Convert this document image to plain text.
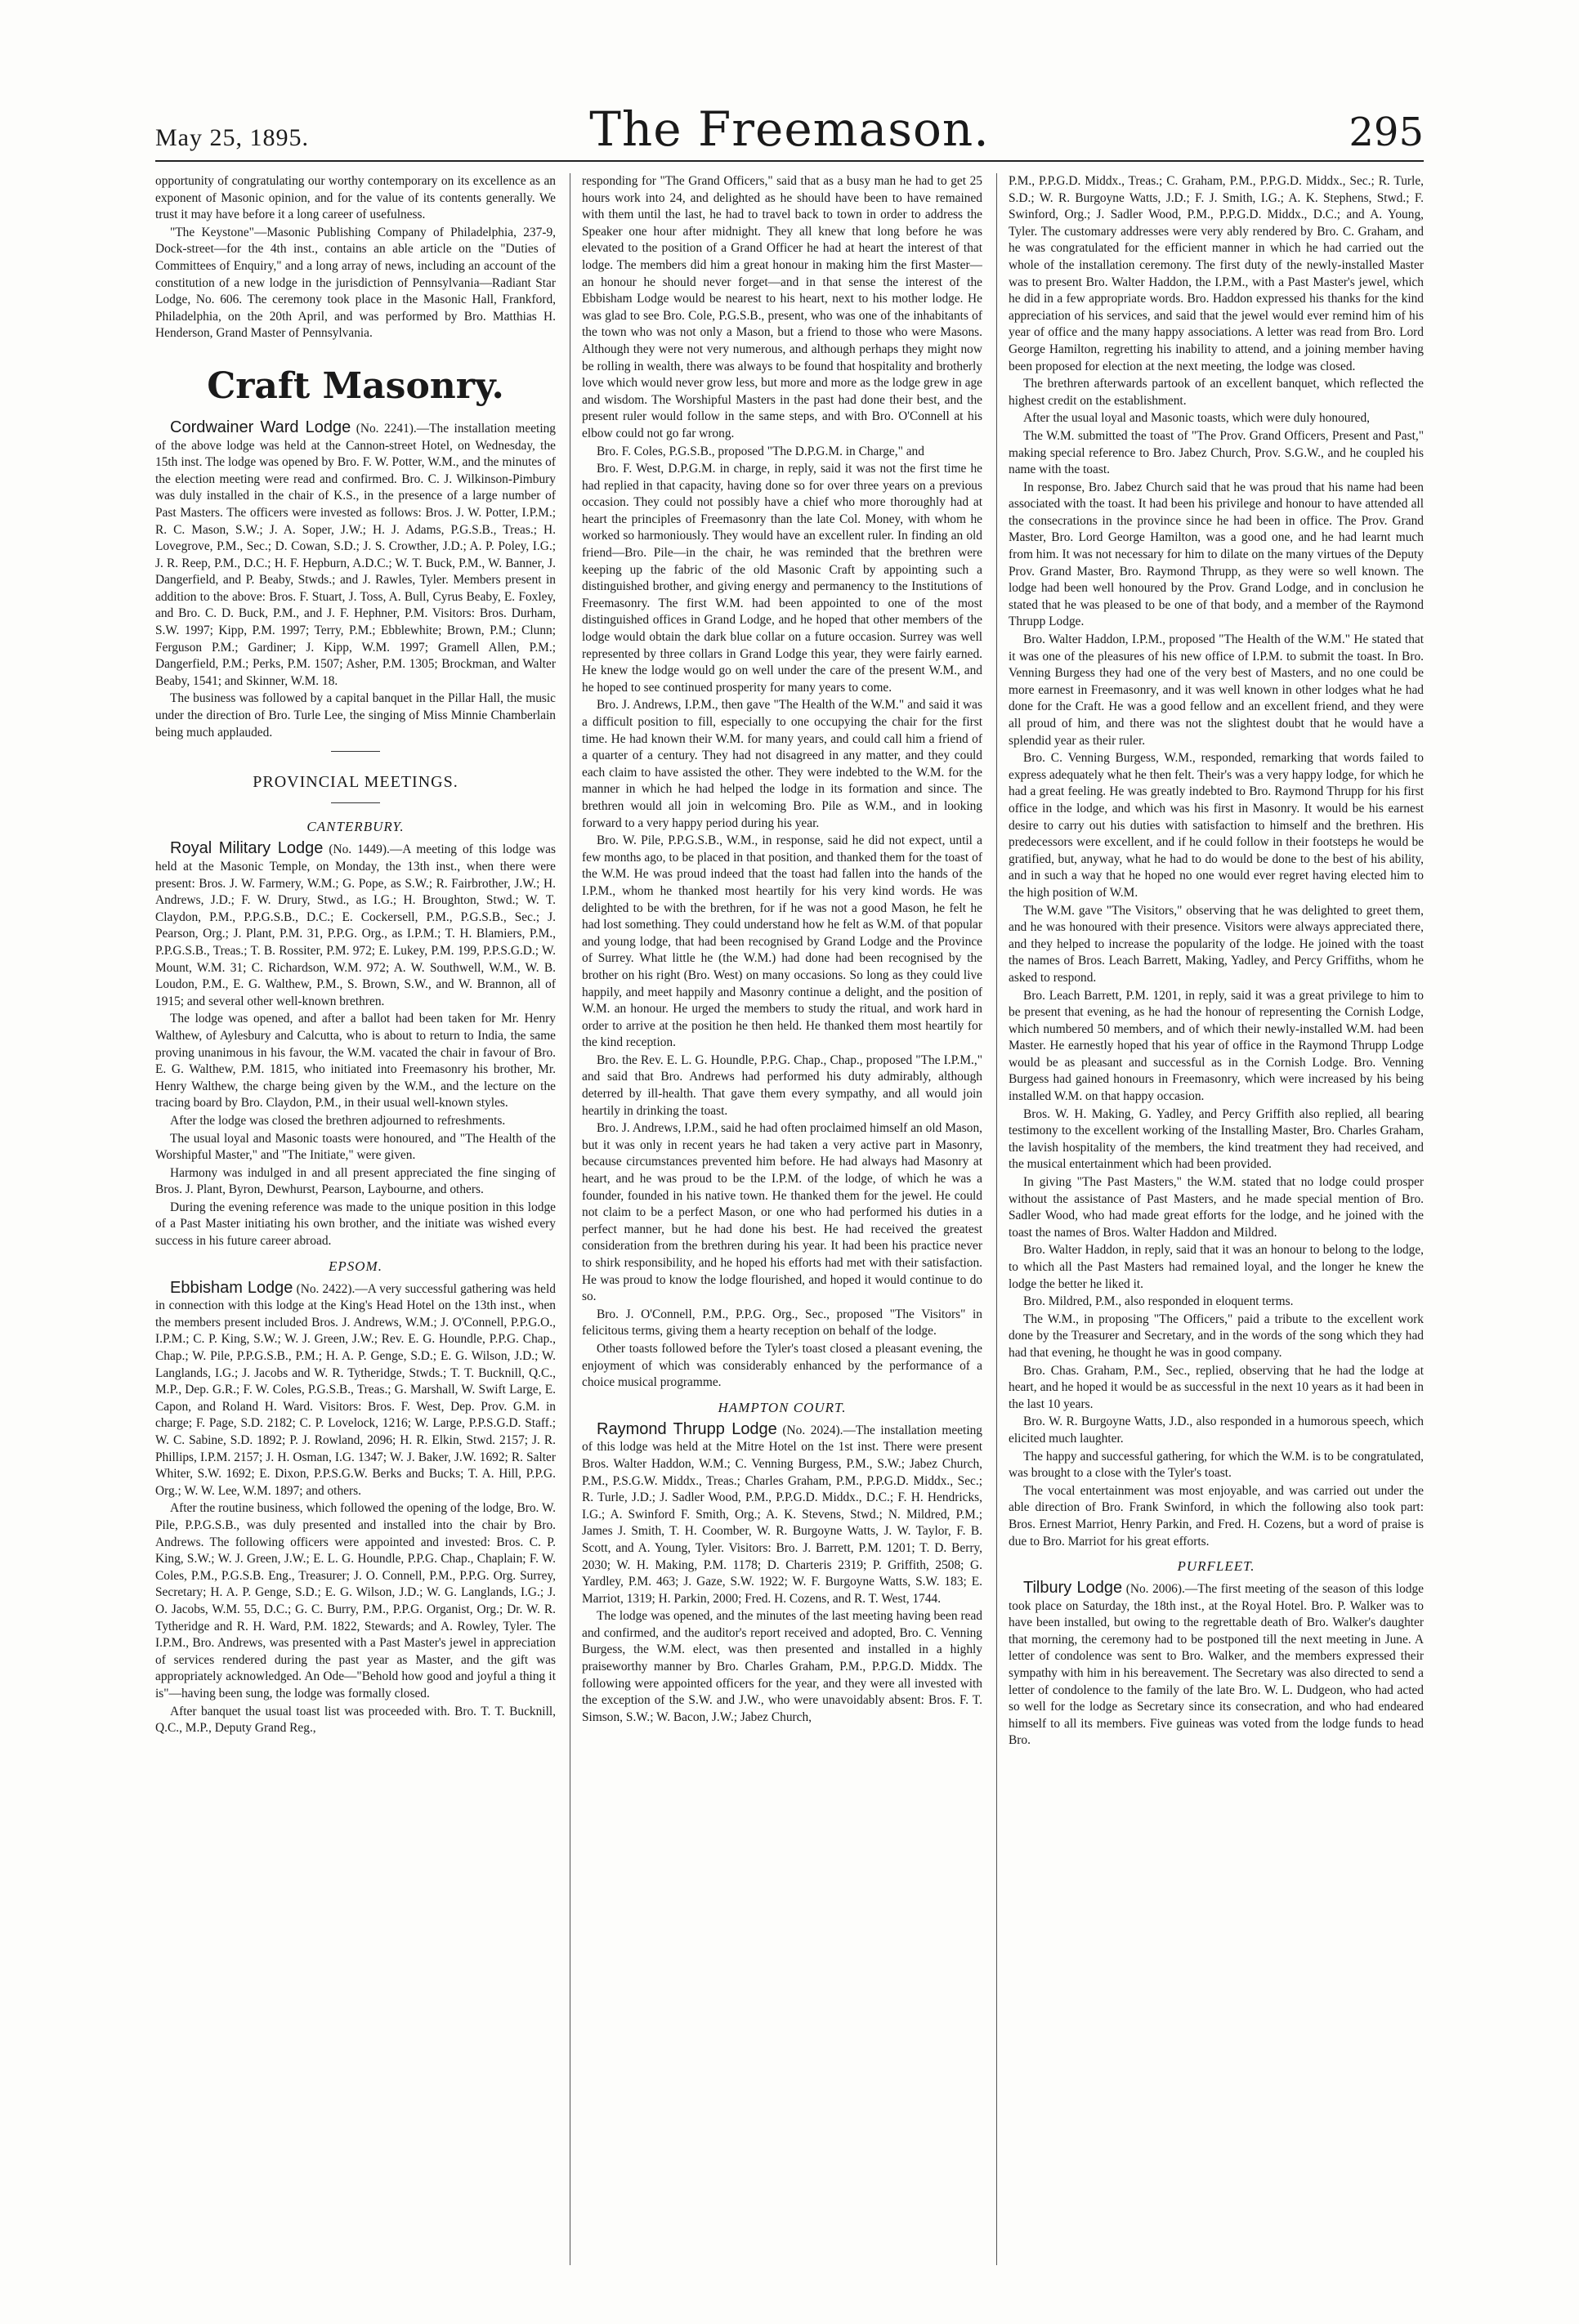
May 25, 1895.	The Freemason.	295

opportunity of congratulating our worthy contemporary on its excellence as an exponent of Masonic opinion, and for the value of its contents generally. We trust it may have before it a long career of usefulness.

"The Keystone"—Masonic Publishing Company of Philadelphia, 237-9, Dock-street—for the 4th inst., contains an able article on the "Duties of Committees of Enquiry," and a long array of news, including an account of the constitution of a new lodge in the jurisdiction of Pennsylvania—Radiant Star Lodge, No. 606. The ceremony took place in the Masonic Hall, Frankford, Philadelphia, on the 20th April, and was performed by Bro. Matthias H. Henderson, Grand Master of Pennsylvania.

Craft Masonry.

Cordwainer Ward Lodge (No. 2241).—The installation meeting of the above lodge was held at the Cannon-street Hotel, on Wednesday, the 15th inst. The lodge was opened by Bro. F. W. Potter, W.M., and the minutes of the election meeting were read and confirmed. Bro. C. J. Wilkinson-Pimbury was duly installed in the chair of K.S., in the presence of a large number of Past Masters. The officers were invested as follows: Bros. J. W. Potter, I.P.M.; R. C. Mason, S.W.; J. A. Soper, J.W.; H. J. Adams, P.G.S.B., Treas.; H. Lovegrove, P.M., Sec.; D. Cowan, S.D.; J. S. Crowther, J.D.; A. P. Poley, I.G.; J. R. Reep, P.M., D.C.; H. F. Hepburn, A.D.C.; W. T. Buck, P.M., W. Banner, J. Dangerfield, and P. Beaby, Stwds.; and J. Rawles, Tyler. Members present in addition to the above: Bros. F. Stuart, J. Toss, A. Bull, Cyrus Beaby, E. Foxley, and Bro. C. D. Buck, P.M., and J. F. Hephner, P.M. Visitors: Bros. Durham, S.W. 1997; Kipp, P.M. 1997; Terry, P.M.; Ebblewhite; Brown, P.M.; Clunn; Ferguson P.M.; Gardiner; J. Kipp, W.M. 1997; Gramell Allen, P.M.; Dangerfield, P.M.; Perks, P.M. 1507; Asher, P.M. 1305; Brockman, and Walter Beaby, 1541; and Skinner, W.M. 18.

The business was followed by a capital banquet in the Pillar Hall, the music under the direction of Bro. Turle Lee, the singing of Miss Minnie Chamberlain being much applauded.

PROVINCIAL MEETINGS.
CANTERBURY.

Royal Military Lodge (No. 1449).—A meeting of this lodge was held at the Masonic Temple, on Monday, the 13th inst., when there were present: Bros. J. W. Farmery, W.M.; G. Pope, as S.W.; R. Fairbrother, J.W.; H. Andrews, J.D.; F. W. Drury, Stwd., as I.G.; H. Broughton, Stwd.; W. T. Claydon, P.M., P.P.G.S.B., D.C.; E. Cockersell, P.M., P.G.S.B., Sec.; J. Pearson, Org.; J. Plant, P.M. 31, P.P.G. Org., as I.P.M.; T. H. Blamiers, P.M., P.P.G.S.B., Treas.; T. B. Rossiter, P.M. 972; E. Lukey, P.M. 199, P.P.S.G.D.; W. Mount, W.M. 31; C. Richardson, W.M. 972; A. W. Southwell, W.M., W. B. Loudon, P.M., E. G. Walthew, P.M., S. Brown, S.W., and W. Brannon, all of 1915; and several other well-known brethren.

The lodge was opened, and after a ballot had been taken for Mr. Henry Walthew, of Aylesbury and Calcutta, who is about to return to India, the same proving unanimous in his favour, the W.M. vacated the chair in favour of Bro. E. G. Walthew, P.M. 1815, who initiated into Freemasonry his brother, Mr. Henry Walthew, the charge being given by the W.M., and the lecture on the tracing board by Bro. Claydon, P.M., in their usual well-known styles.

After the lodge was closed the brethren adjourned to refreshments.

The usual loyal and Masonic toasts were honoured, and "The Health of the Worshipful Master," and "The Initiate," were given.

Harmony was indulged in and all present appreciated the fine singing of Bros. J. Plant, Byron, Dewhurst, Pearson, Laybourne, and others.

During the evening reference was made to the unique position in this lodge of a Past Master initiating his own brother, and the initiate was wished every success in his future career abroad.

EPSOM.

Ebbisham Lodge (No. 2422).—A very successful gathering was held in connection with this lodge at the King's Head Hotel on the 13th inst., when the members present included Bros. J. Andrews, W.M.; J. O'Connell, P.P.G.O., I.P.M.; C. P. King, S.W.; W. J. Green, J.W.; Rev. E. G. Houndle, P.P.G. Chap., Chap.; W. Pile, P.P.G.S.B., P.M.; H. A. P. Genge, S.D.; E. G. Wilson, J.D.; W. Langlands, I.G.; J. Jacobs and W. R. Tytheridge, Stwds.; T. T. Bucknill, Q.C., M.P., Dep. G.R.; F. W. Coles, P.G.S.B., Treas.; G. Marshall, W. Swift Large, E. Capon, and Roland H. Ward. Visitors: Bros. F. West, Dep. Prov. G.M. in charge; F. Page, S.D. 2182; C. P. Lovelock, 1216; W. Large, P.P.S.G.D. Staff.; W. C. Sabine, S.D. 1892; P. J. Rowland, 2096; H. R. Elkin, Stwd. 2157; J. R. Phillips, I.P.M. 2157; J. H. Osman, I.G. 1347; W. J. Baker, J.W. 1692; R. Salter Whiter, S.W. 1692; E. Dixon, P.P.S.G.W. Berks and Bucks; T. A. Hill, P.P.G. Org.; W. W. Lee, W.M. 1897; and others.

After the routine business, which followed the opening of the lodge, Bro. W. Pile, P.P.G.S.B., was duly presented and installed into the chair by Bro. Andrews. The following officers were appointed and invested: Bros. C. P. King, S.W.; W. J. Green, J.W.; E. L. G. Houndle, P.P.G. Chap., Chaplain; F. W. Coles, P.M., P.G.S.B. Eng., Treasurer; J. O. Connell, P.M., P.P.G. Org. Surrey, Secretary; H. A. P. Genge, S.D.; E. G. Wilson, J.D.; W. G. Langlands, I.G.; J. O. Jacobs, W.M. 55, D.C.; G. C. Burry, P.M., P.P.G. Organist, Org.; Dr. W. R. Tytheridge and R. H. Ward, P.M. 1822, Stewards; and A. Rowley, Tyler. The I.P.M., Bro. Andrews, was presented with a Past Master's jewel in appreciation of services rendered during the past year as Master, and the gift was appropriately acknowledged. An Ode—"Behold how good and joyful a thing it is"—having been sung, the lodge was formally closed.

After banquet the usual toast list was proceeded with. Bro. T. T. Bucknill, Q.C., M.P., Deputy Grand Reg.,

responding for "The Grand Officers," said that as a busy man he had to get 25 hours work into 24, and delighted as he should have been to have remained with them until the last, he had to travel back to town in order to address the Speaker one hour after midnight. They all knew that long before he was elevated to the position of a Grand Officer he had at heart the interest of that lodge. The members did him a great honour in making him the first Master—an honour he should never forget—and in that sense the interest of the Ebbisham Lodge would be nearest to his heart, next to his mother lodge. He was glad to see Bro. Cole, P.G.S.B., present, who was one of the inhabitants of the town who was not only a Mason, but a friend to those who were Masons. Although they were not very numerous, and although perhaps they might now be rolling in wealth, there was always to be found that hospitality and brotherly love which would never grow less, but more and more as the lodge grew in age and wisdom. The Worshipful Masters in the past had done their best, and the present ruler would follow in the same steps, and with Bro. O'Connell at his elbow could not go far wrong.

Bro. F. Coles, P.G.S.B., proposed "The D.P.G.M. in Charge," and

Bro. F. West, D.P.G.M. in charge, in reply, said it was not the first time he had replied in that capacity, having done so for over three years on a previous occasion. They could not possibly have a chief who more thoroughly had at heart the principles of Freemasonry than the late Col. Money, with whom he worked so harmoniously. They would have an excellent ruler. In finding an old friend—Bro. Pile—in the chair, he was reminded that the brethren were keeping up the fabric of the old Masonic Craft by appointing such a distinguished brother, and giving energy and permanency to the Institutions of Freemasonry. The first W.M. had been appointed to one of the most distinguished offices in Grand Lodge, and he hoped that other members of the lodge would obtain the dark blue collar on a future occasion. Surrey was well represented by three collars in Grand Lodge this year, they were fairly earned. He knew the lodge would go on well under the care of the present W.M., and he hoped to see continued prosperity for many years to come.

Bro. J. Andrews, I.P.M., then gave "The Health of the W.M." and said it was a difficult position to fill, especially to one occupying the chair for the first time. He had known their W.M. for many years, and could call him a friend of a quarter of a century. They had not disagreed in any matter, and they could each claim to have assisted the other. They were indebted to the W.M. for the manner in which he had helped the lodge in its formation and since. The brethren would all join in welcoming Bro. Pile as W.M., and in looking forward to a very happy period during his year.

Bro. W. Pile, P.P.G.S.B., W.M., in response, said he did not expect, until a few months ago, to be placed in that position, and thanked them for the toast of the W.M. He was proud indeed that the toast had fallen into the hands of the I.P.M., whom he thanked most heartily for his very kind words. He was delighted to be with the brethren, for if he was not a good Mason, he felt he had lost something. They could understand how he felt as W.M. of that popular and young lodge, that had been recognised by Grand Lodge and the Province of Surrey. What little he (the W.M.) had done had been recognised by the brother on his right (Bro. West) on many occasions. So long as they could live happily, and meet happily and Masonry continue a delight, and the position of W.M. an honour. He urged the members to study the ritual, and work hard in order to arrive at the position he then held. He thanked them most heartily for the kind reception.

Bro. the Rev. E. L. G. Houndle, P.P.G. Chap., Chap., proposed "The I.P.M.," and said that Bro. Andrews had performed his duty admirably, although deterred by ill-health. That gave them every sympathy, and all would join heartily in drinking the toast.

Bro. J. Andrews, I.P.M., said he had often proclaimed himself an old Mason, but it was only in recent years he had taken a very active part in Masonry, because circumstances prevented him before. He had always had Masonry at heart, and he was proud to be the I.P.M. of the lodge, of which he was a founder, founded in his native town. He thanked them for the jewel. He could not claim to be a perfect Mason, or one who had performed his duties in a perfect manner, but he had done his best. He had received the greatest consideration from the brethren during his year. It had been his practice never to shirk responsibility, and he hoped his efforts had met with their satisfaction. He was proud to know the lodge flourished, and hoped it would continue to do so.

Bro. J. O'Connell, P.M., P.P.G. Org., Sec., proposed "The Visitors" in felicitous terms, giving them a hearty reception on behalf of the lodge.

Other toasts followed before the Tyler's toast closed a pleasant evening, the enjoyment of which was considerably enhanced by the performance of a choice musical programme.

HAMPTON COURT.

Raymond Thrupp Lodge (No. 2024).—The installation meeting of this lodge was held at the Mitre Hotel on the 1st inst. There were present Bros. Walter Haddon, W.M.; C. Venning Burgess, P.M., S.W.; Jabez Church, P.M., P.S.G.W. Middx., Treas.; Charles Graham, P.M., P.P.G.D. Middx., Sec.; R. Turle, J.D.; J. Sadler Wood, P.M., P.P.G.D. Middx., D.C.; F. H. Hendricks, I.G.; A. Swinford F. Smith, Org.; A. K. Stevens, Stwd.; N. Mildred, P.M.; James J. Smith, T. H. Coomber, W. R. Burgoyne Watts, J. W. Taylor, F. B. Scott, and A. Young, Tyler. Visitors: Bro. J. Barrett, P.M. 1201; T. D. Berry, 2030; W. H. Making, P.M. 1178; D. Charteris 2319; P. Griffith, 2508; G. Yardley, P.M. 463; J. Gaze, S.W. 1922; W. F. Burgoyne Watts, S.W. 183; E. Marriot, 1319; H. Parkin, 2000; Fred. H. Cozens, and R. T. West, 1744.

The lodge was opened, and the minutes of the last meeting having been read and confirmed, and the auditor's report received and adopted, Bro. C. Venning Burgess, the W.M. elect, was then presented and installed in a highly praiseworthy manner by Bro. Charles Graham, P.M., P.P.G.D. Middx. The following were appointed officers for the year, and they were all invested with the exception of the S.W. and J.W., who were unavoidably absent: Bros. F. T. Simson, S.W.; W. Bacon, J.W.; Jabez Church,

P.M., P.P.G.D. Middx., Treas.; C. Graham, P.M., P.P.G.D. Middx., Sec.; R. Turle, S.D.; W. R. Burgoyne Watts, J.D.; F. J. Smith, I.G.; A. K. Stephens, Stwd.; F. Swinford, Org.; J. Sadler Wood, P.M., P.P.G.D. Middx., D.C.; and A. Young, Tyler. The customary addresses were very ably rendered by Bro. C. Graham, and he was congratulated for the efficient manner in which he had carried out the whole of the installation ceremony. The first duty of the newly-installed Master was to present Bro. Walter Haddon, the I.P.M., with a Past Master's jewel, which he did in a few appropriate words. Bro. Haddon expressed his thanks for the kind appreciation of his services, and said that the jewel would ever remind him of his year of office and the many happy associations. A letter was read from Bro. Lord George Hamilton, regretting his inability to attend, and a joining member having been proposed for election at the next meeting, the lodge was closed.

The brethren afterwards partook of an excellent banquet, which reflected the highest credit on the establishment.

After the usual loyal and Masonic toasts, which were duly honoured,

The W.M. submitted the toast of "The Prov. Grand Officers, Present and Past," making special reference to Bro. Jabez Church, Prov. S.G.W., and he coupled his name with the toast.

In response, Bro. Jabez Church said that he was proud that his name had been associated with the toast. It had been his privilege and honour to have attended all the consecrations in the province since he had been in office. The Prov. Grand Master, Bro. Lord George Hamilton, was a good one, and he had learnt much from him. It was not necessary for him to dilate on the many virtues of the Deputy Prov. Grand Master, Bro. Raymond Thrupp, as they were so well known. The lodge had been well honoured by the Prov. Grand Lodge, and in conclusion he stated that he was pleased to be one of that body, and a member of the Raymond Thrupp Lodge.

Bro. Walter Haddon, I.P.M., proposed "The Health of the W.M." He stated that it was one of the pleasures of his new office of I.P.M. to submit the toast. In Bro. Venning Burgess they had one of the very best of Masters, and no one could be more earnest in Freemasonry, and it was well known in other lodges what he had done for the Craft. He was a good fellow and an excellent friend, and they were all proud of him, and there was not the slightest doubt that he would have a splendid year as their ruler.

Bro. C. Venning Burgess, W.M., responded, remarking that words failed to express adequately what he then felt. Their's was a very happy lodge, for which he had a great feeling. He was greatly indebted to Bro. Raymond Thrupp for his first office in the lodge, and which was his first in Masonry. It would be his earnest desire to carry out his duties with satisfaction to himself and the brethren. His predecessors were excellent, and if he could follow in their footsteps he would be gratified, but, anyway, what he had to do would be done to the best of his ability, and in such a way that he hoped no one would ever regret having elected him to the high position of W.M.

The W.M. gave "The Visitors," observing that he was delighted to greet them, and he was honoured with their presence. Visitors were always appreciated there, and they helped to increase the popularity of the lodge. He joined with the toast the names of Bros. Leach Barrett, Making, Yadley, and Percy Griffiths, whom he asked to respond.

Bro. Leach Barrett, P.M. 1201, in reply, said it was a great privilege to him to be present that evening, as he had the honour of representing the Cornish Lodge, which numbered 50 members, and of which their newly-installed W.M. had been Master. He earnestly hoped that his year of office in the Raymond Thrupp Lodge would be as pleasant and successful as in the Cornish Lodge. Bro. Venning Burgess had gained honours in Freemasonry, which were increased by his being installed W.M. on that happy occasion.

Bros. W. H. Making, G. Yadley, and Percy Griffith also replied, all bearing testimony to the excellent working of the Installing Master, Bro. Charles Graham, the lavish hospitality of the members, the kind treatment they had received, and the musical entertainment which had been provided.

In giving "The Past Masters," the W.M. stated that no lodge could prosper without the assistance of Past Masters, and he made special mention of Bro. Sadler Wood, who had made great efforts for the lodge, and he joined with the toast the names of Bros. Walter Haddon and Mildred.

Bro. Walter Haddon, in reply, said that it was an honour to belong to the lodge, to which all the Past Masters had remained loyal, and the longer he knew the lodge the better he liked it.

Bro. Mildred, P.M., also responded in eloquent terms.

The W.M., in proposing "The Officers," paid a tribute to the excellent work done by the Treasurer and Secretary, and in the words of the song which they had had that evening, he thought he was in good company.

Bro. Chas. Graham, P.M., Sec., replied, observing that he had the lodge at heart, and he hoped it would be as successful in the next 10 years as it had been in the last 10 years.

Bro. W. R. Burgoyne Watts, J.D., also responded in a humorous speech, which elicited much laughter.

The happy and successful gathering, for which the W.M. is to be congratulated, was brought to a close with the Tyler's toast.

The vocal entertainment was most enjoyable, and was carried out under the able direction of Bro. Frank Swinford, in which the following also took part: Bros. Ernest Marriot, Henry Parkin, and Fred. H. Cozens, but a word of praise is due to Bro. Marriot for his great efforts.

PURFLEET.

Tilbury Lodge (No. 2006).—The first meeting of the season of this lodge took place on Saturday, the 18th inst., at the Royal Hotel. Bro. P. Walker was to have been installed, but owing to the regrettable death of Bro. Walker's daughter that morning, the ceremony had to be postponed till the next meeting in June. A letter of condolence was sent to Bro. Walker, and the members expressed their sympathy with him in his bereavement. The Secretary was also directed to send a letter of condolence to the family of the late Bro. W. L. Dudgeon, who had acted so well for the lodge as Secretary since its consecration, and who had endeared himself to all its members. Five guineas was voted from the lodge funds to head Bro.
